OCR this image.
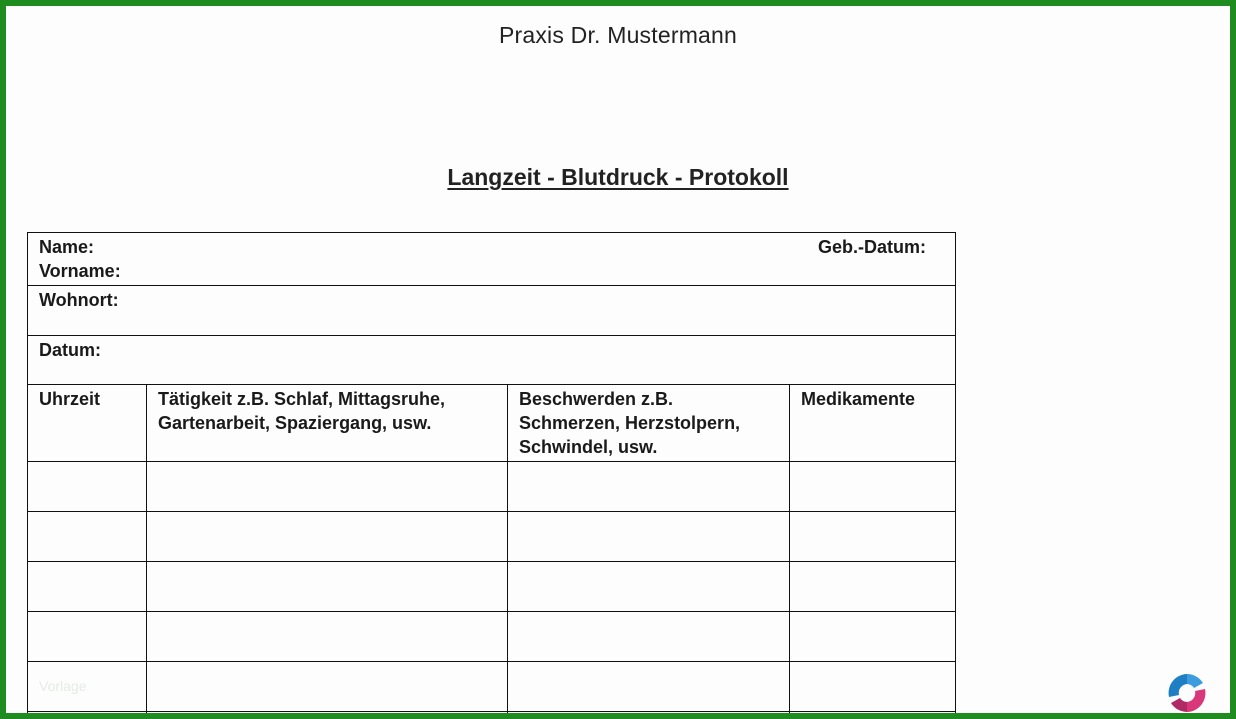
Praxis Dr. Mustermann
Langzeit - Blutdruck - Protokoll
Name: Geb.-Datum:
Vorname:			

Wohnort:			
Datum:			
Uhrzeit	Tätigkeit z.B. Schlaf, Mittagsruhe, Gartenarbeit, Spaziergang, usw.	Beschwerden z.B. Schmerzen, Herzstolpern, Schwindel, usw.	Medikamente

Vorlage			
